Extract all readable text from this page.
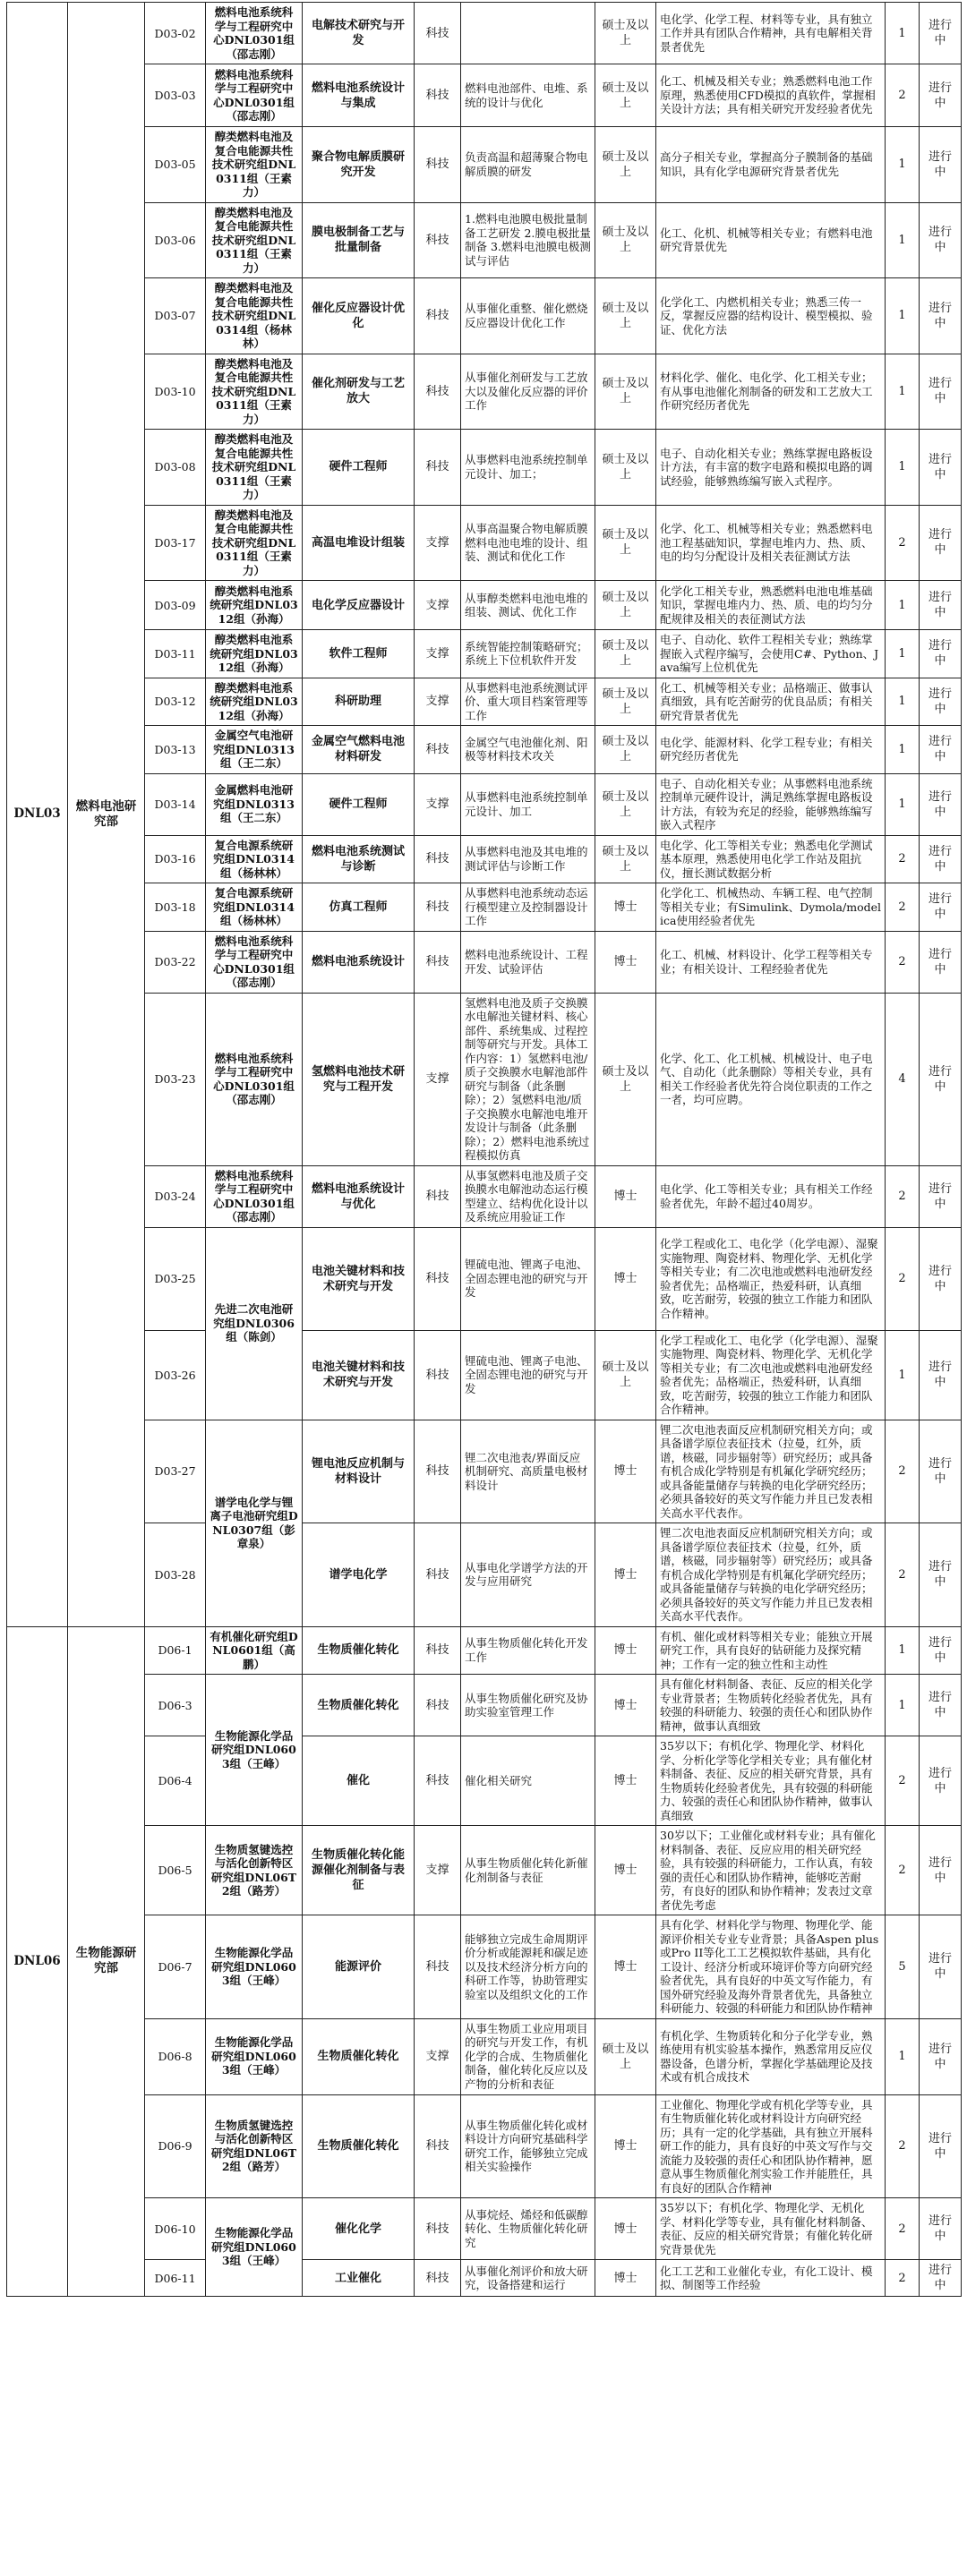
DNL03	燃料电池研究部	D03-02	燃料电池系统科学与工程研究中心DNL0301组（邵志刚）	电解技术研究与开发	科技		硕士及以上	电化学、化学工程、材料等专业，具有独立工作并具有团队合作精神，具有电解相关背景者优先	1	进行中
		D03-03	燃料电池系统科学与工程研究中心DNL0301组（邵志刚）	燃料电池系统设计与集成	科技	燃料电池部件、电堆、系统的设计与优化	硕士及以上	化工、机械及相关专业；熟悉燃料电池工作原理，熟悉使用CFD模拟的真软件，掌握相关设计方法；具有相关研究开发经验者优先	2	进行中
		D03-05	醇类燃料电池及复合电能源共性技术研究组DNL0311组（王素力）	聚合物电解质膜研究开发	科技	负责高温和超薄聚合物电解质膜的研发	硕士及以上	高分子相关专业，掌握高分子膜制备的基础知识，具有化学电源研究背景者优先	1	进行中
		D03-06	醇类燃料电池及复合电能源共性技术研究组DNL0311组（王素力）	膜电极制备工艺与批量制备	科技	1.燃料电池膜电极批量制备工艺研发 2.膜电极批量制备 3.燃料电池膜电极测试与评估	硕士及以上	化工、化机、机械等相关专业；有燃料电池研究背景优先	1	进行中
		D03-07	醇类燃料电池及复合电能源共性技术研究组DNL0314组（杨林林）	催化反应器设计优化	科技	从事催化重整、催化燃烧反应器设计优化工作	硕士及以上	化学化工、内燃机相关专业；熟悉三传一反，掌握反应器的结构设计、模型模拟、验证、优化方法	1	进行中
		D03-10	醇类燃料电池及复合电能源共性技术研究组DNL0311组（王素力）	催化剂研发与工艺放大	科技	从事催化剂研发与工艺放大以及催化反应器的评价工作	硕士及以上	材料化学、催化、电化学、化工相关专业；有从事电池催化剂制备的研发和工艺放大工作研究经历者优先	1	进行中
		D03-08	醇类燃料电池及复合电能源共性技术研究组DNL0311组（王素力）	硬件工程师	科技	从事燃料电池系统控制单元设计、加工；	硕士及以上	电子、自动化相关专业；熟练掌握电路板设计方法，有丰富的数字电路和模拟电路的调试经验，能够熟练编写嵌入式程序。	1	进行中
		D03-17	醇类燃料电池及复合电能源共性技术研究组DNL0311组（王素力）	高温电堆设计组装	支撑	从事高温聚合物电解质膜燃料电池电堆的设计、组装、测试和优化工作	硕士及以上	化学、化工、机械等相关专业；熟悉燃料电池工程基础知识，掌握电堆内力、热、质、电的均匀分配设计及相关表征测试方法	2	进行中
		D03-09	醇类燃料电池系统研究组DNL0312组（孙海）	电化学反应器设计	支撑	从事醇类燃料电池电堆的组装、测试、优化工作	硕士及以上	化学化工相关专业，熟悉燃料电池电堆基础知识，掌握电堆内力、热、质、电的均匀分配规律及相关的表征测试方法	1	进行中
		D03-11	醇类燃料电池系统研究组DNL0312组（孙海）	软件工程师	支撑	系统智能控制策略研究；系统上下位机软件开发	硕士及以上	电子、自动化、软件工程相关专业；熟练掌握嵌入式程序编写，会使用C#、Python、Java编写上位机优先	1	进行中
		D03-12	醇类燃料电池系统研究组DNL0312组（孙海）	科研助理	支撑	从事燃料电池系统测试评价、重大项目档案管理等工作	硕士及以上	化工、机械等相关专业；品格端正、做事认真细致，具有吃苦耐劳的优良品质；有相关研究背景者优先	1	进行中
		D03-13	金属空气电池研究组DNL0313组（王二东）	金属空气燃料电池材料研发	科技	金属空气电池催化剂、阳极等材料技术攻关	硕士及以上	电化学、能源材料、化学工程专业；有相关研究经历者优先	1	进行中
		D03-14	金属燃料电池研究组DNL0313组（王二东）	硬件工程师	支撑	从事燃料电池系统控制单元设计、加工	硕士及以上	电子、自动化相关专业；从事燃料电池系统控制单元硬件设计，满足熟练掌握电路板设计方法，有较为充足的经验，能够熟练编写嵌入式程序	1	进行中
		D03-16	复合电源系统研究组DNL0314组（杨林林）	燃料电池系统测试与诊断	科技	从事燃料电池及其电堆的测试评估与诊断工作	硕士及以上	电化学、化工等相关专业；熟悉电化学测试基本原理，熟悉使用电化学工作站及阻抗仪，擅长测试数据分析	2	进行中
		D03-18	复合电源系统研究组DNL0314组（杨林林）	仿真工程师	科技	从事燃料电池系统动态运行模型建立及控制器设计工作	博士	化学化工、机械热动、车辆工程、电气控制等相关专业；有Simulink、Dymola/modelica使用经验者优先	2	进行中
		D03-22	燃料电池系统科学与工程研究中心DNL0301组（邵志刚）	燃料电池系统设计	科技	燃料电池系统设计、工程开发、试验评估	博士	化工、机械、材料设计、化学工程等相关专业；有相关设计、工程经验者优先	2	进行中
		D03-23	燃料电池系统科学与工程研究中心DNL0301组（邵志刚）	氢燃料电池技术研究与工程开发	支撑	氢燃料电池及质子交换膜水电解池关键材料、核心部件、系统集成、过程控制等研究与开发。具体工作内容：1）氢燃料电池/质子交换膜水电解池部件研究与制备（此条删除）；2）氢燃料电池/质子交换膜水电解池电堆开发设计与制备（此条删除）；2）燃料电池系统过程模拟仿真	硕士及以上	化学、化工、化工机械、机械设计、电子电气、自动化（此条删除）等相关专业，具有相关工作经验者优先符合岗位职责的工作之一者，均可应聘。	4	进行中
		D03-24	燃料电池系统科学与工程研究中心DNL0301组（邵志刚）	燃料电池系统设计与优化	科技	从事氢燃料电池及质子交换膜水电解池动态运行模型建立、结构优化设计以及系统应用验证工作	博士	电化学、化工等相关专业；具有相关工作经验者优先，年龄不超过40周岁。	2	进行中
		D03-25	先进二次电池研究组DNL0306组（陈剑）	电池关键材料和技术研究与开发	科技	锂硫电池、锂离子电池、全固态锂电池的研究与开发	博士	化学工程或化工、电化学（化学电源）、湿聚实施物理、陶瓷材料、物理化学、无机化学等相关专业；有二次电池或燃料电池研发经验者优先；品格端正，热爱科研，认真细致，吃苦耐劳，较强的独立工作能力和团队合作精神。	2	进行中
		D03-26		电池关键材料和技术研究与开发	科技	锂硫电池、锂离子电池、全固态锂电池的研究与开发	硕士及以上	化学工程或化工、电化学（化学电源）、湿聚实施物理、陶瓷材料、物理化学、无机化学等相关专业；有二次电池或燃料电池研发经验者优先；品格端正，热爱科研，认真细致，吃苦耐劳，较强的独立工作能力和团队合作精神。	1	进行中
		D03-27	谱学电化学与锂离子电池研究组DNL0307组（彭章泉）	锂电池反应机制与材料设计	科技	锂二次电池表/界面反应机制研究、高质量电极材料设计	博士	锂二次电池表面反应机制研究相关方向；或具备谱学原位表征技术（拉曼，红外，质谱，核磁，同步辐射等）研究经历；或具备有机合成化学特别是有机氟化学研究经历；或具备能量储存与转换的电化学研究经历；必须具备较好的英文写作能力并且已发表相关高水平代表作。	2	进行中
		D03-28		谱学电化学	科技	从事电化学谱学方法的开发与应用研究	博士	锂二次电池表面反应机制研究相关方向；或具备谱学原位表征技术（拉曼，红外，质谱，核磁，同步辐射等）研究经历；或具备有机合成化学特别是有机氟化学研究经历；或具备能量储存与转换的电化学研究经历；必须具备较好的英文写作能力并且已发表相关高水平代表作。	2	进行中
DNL06	生物能源研究部	D06-1	有机催化研究组DNL0601组（高鹏）	生物质催化转化	科技	从事生物质催化转化开发工作	博士	有机、催化或材料等相关专业；能独立开展研究工作，具有良好的钻研能力及探究精神；工作有一定的独立性和主动性	1	进行中
		D06-3	生物能源化学品研究组DNL0603组（王峰）	生物质催化转化	科技	从事生物质催化研究及协助实验室管理工作	博士	具有催化材料制备、表征、反应的相关化学专业背景者；生物质转化经验者优先，具有较强的科研能力、较强的责任心和团队协作精神，做事认真细致	1	进行中
		D06-4		催化	科技	催化相关研究	博士	35岁以下；有机化学、物理化学、材料化学、分析化学等化学相关专业；具有催化材料制备、表征、反应的相关研究背景，具有生物质转化经验者优先，具有较强的科研能力、较强的责任心和团队协作精神，做事认真细致	2	进行中
		D06-5	生物质氢键选控与活化创新特区研究组DNL06T2组（路芳）	生物质催化转化能源催化剂制备与表征	支撑	从事生物质催化转化新催化剂制备与表征	博士	30岁以下；工业催化或材料专业；具有催化材料制备、表征、反应应用的相关研究经验，具有较强的科研能力，工作认真，有较强的责任心和团队协作精神，能够吃苦耐劳，有良好的团队和协作精神；发表过文章者优先考虑	2	进行中
		D06-7	生物能源化学品研究组DNL0603组（王峰）	能源评价	科技	能够独立完成生命周期评价分析或能源耗和碳足迹以及技术经济分析方向的科研工作等，协助管理实验室以及组织文化的工作	博士	具有化学、材料化学与物理、物理化学、能源评价相关专业专业背景；具备Aspen plus或Pro II等化工工艺模拟软件基础，具有化工设计、经济分析或环境评价等方向研究经验者优先，具有良好的中英文写作能力，有国外研究经验及海外背景者优先，具备独立科研能力、较强的科研能力和团队协作精神	5	进行中
		D06-8	生物能源化学品研究组DNL0603组（王峰）	生物质催化转化	支撑	从事生物质工业应用项目的研究与开发工作，有机化学的合成、生物质催化制备，催化转化反应以及产物的分析和表征	硕士及以上	有机化学、生物质转化和分子化学专业，熟练使用有机实验基本操作，熟悉常用反应仪器设备，色谱分析，掌握化学基础理论及技术或有机合成技术	1	进行中
		D06-9	生物质氢键选控与活化创新特区研究组DNL06T2组（路芳）	生物质催化转化	科技	从事生物质催化转化或材料设计方向研究基础科学研究工作，能够独立完成相关实验操作	博士	工业催化、物理化学或有机化学等专业，具有生物质催化转化或材料设计方向研究经历；具有一定的化学基础，具有独立开展科研工作的能力，具有良好的中英文写作与交流能力及较强的责任心和团队协作精神，愿意从事生物质催化剂实验工作并能胜任，具有良好的团队合作精神	2	进行中
		D06-10	生物能源化学品研究组DNL0603组（王峰）	催化化学	科技	从事烷烃、烯烃和低碳醇转化、生物质催化转化研究	博士	35岁以下；有机化学、物理化学、无机化学、材料化学等专业，具有催化材料制备、表征、反应的相关研究背景；有催化转化研究背景优先	2	进行中
		D06-11		工业催化	科技	从事催化剂评价和放大研究，设备搭建和运行	博士	化工工艺和工业催化专业，有化工设计、模拟、制图等工作经验	2	进行中
